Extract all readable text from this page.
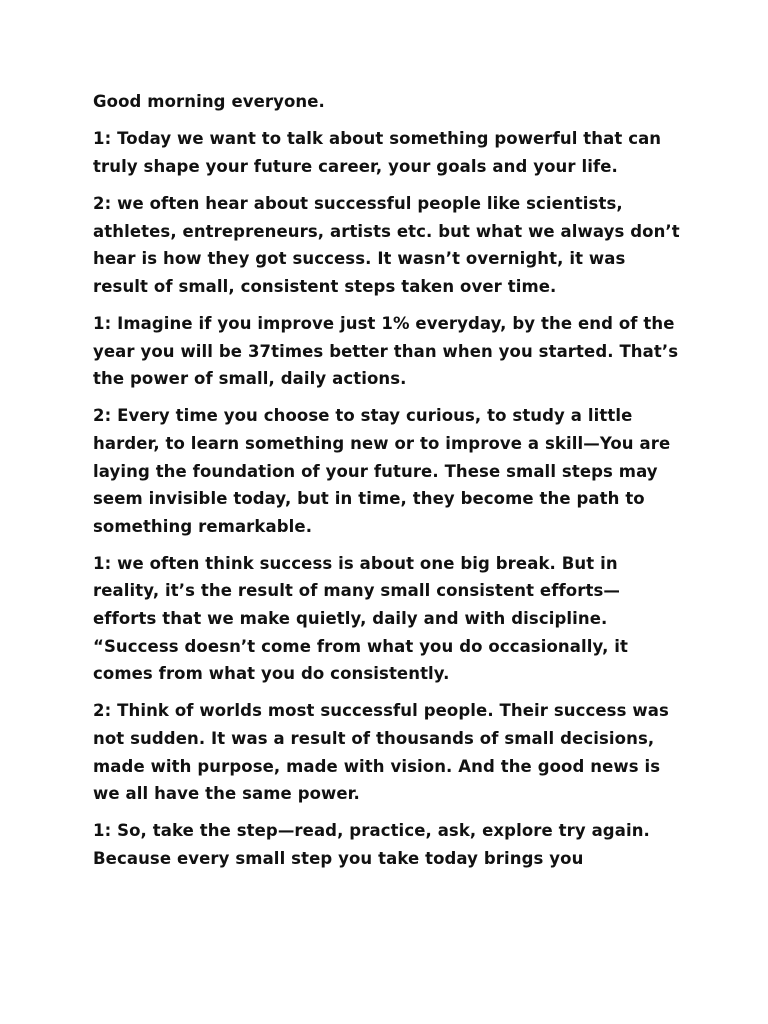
Good morning everyone.

1: Today we want to talk about something powerful that can truly shape your future career, your goals and your life.

2: we often hear about successful people like scientists, athletes, entrepreneurs, artists etc. but what we always don’t hear is how they got success. It wasn’t overnight, it was result of small, consistent steps taken over time.

1: Imagine if you improve just 1% everyday, by the end of the year you will be 37times better than when you started. That’s the power of small, daily actions.

2: Every time you choose to stay curious, to study a little harder, to learn something new or to improve a skill—You are laying the foundation of your future. These small steps may seem invisible today, but in time, they become the path to something remarkable.

1: we often think success is about one big break. But in reality, it’s the result of many small consistent efforts—efforts that we make quietly, daily and with discipline. “Success doesn’t come from what you do occasionally, it comes from what you do consistently.

2: Think of worlds most successful people. Their success was not sudden. It was a result of thousands of small decisions, made with purpose, made with vision. And the good news is we all have the same power.

1: So, take the step—read, practice, ask, explore try again. Because every small step you take today brings you
